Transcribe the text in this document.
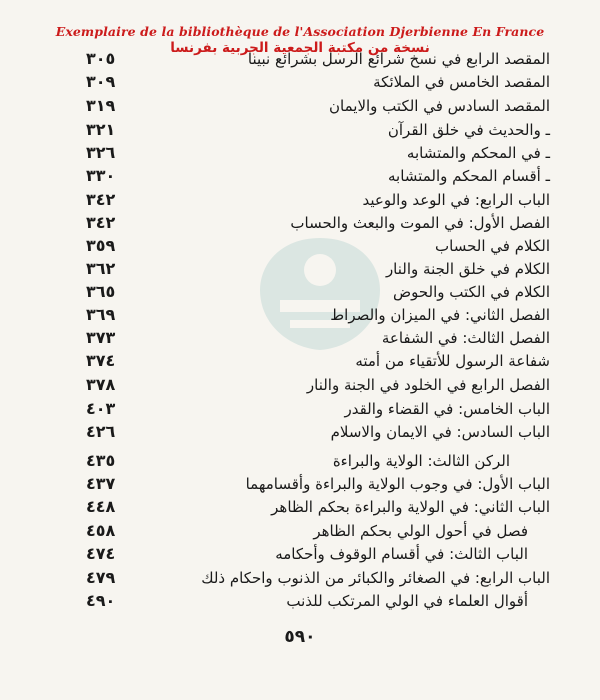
Exemplaire de la bibliothèque de l'Association Djerbienne En France
نسخة من مكتبة الجمعية الجربية بفرنسا
٣٠٥	المقصد الرابع في نسخ شرائع الرسل بشرائع نبينا
٣٠٩	المقصد الخامس في الملائكة
٣١٩	المقصد السادس في الكتب والايمان
٣٢١	ـ والحديث في خلق القرآن
٣٢٦	ـ في المحكم والمتشابه
٣٣٠	ـ أقسام المحكم والمتشابه
٣٤٢	الباب الرابع: في الوعد والوعيد
٣٤٢	الفصل الأول: في الموت والبعث والحساب
٣٥٩	الكلام في الحساب
٣٦٢	الكلام في خلق الجنة والنار
٣٦٥	الكلام في الكتب والحوض
٣٦٩	الفصل الثاني: في الميزان والصراط
٣٧٣	الفصل الثالث: في الشفاعة
٣٧٤	شفاعة الرسول للأتقياء من أمته
٣٧٨	الفصل الرابع في الخلود في الجنة والنار
٤٠٣	الباب الخامس: في القضاء والقدر
٤٢٦	الباب السادس: في الايمان والاسلام
٤٣٥	الركن الثالث: الولاية والبراءة
٤٣٧	الباب الأول: في وجوب الولاية والبراءة وأقسامهما
٤٤٨	الباب الثاني: في الولاية والبراءة بحكم الظاهر
٤٥٨	فصل في أحول الولي بحكم الظاهر
٤٧٤	الباب الثالث: في أقسام الوقوف وأحكامه
٤٧٩	الباب الرابع: في الصغائر والكبائر من الذنوب واحكام ذلك
٤٩٠	أقوال العلماء في الولي المرتكب للذنب
٥٩٠
